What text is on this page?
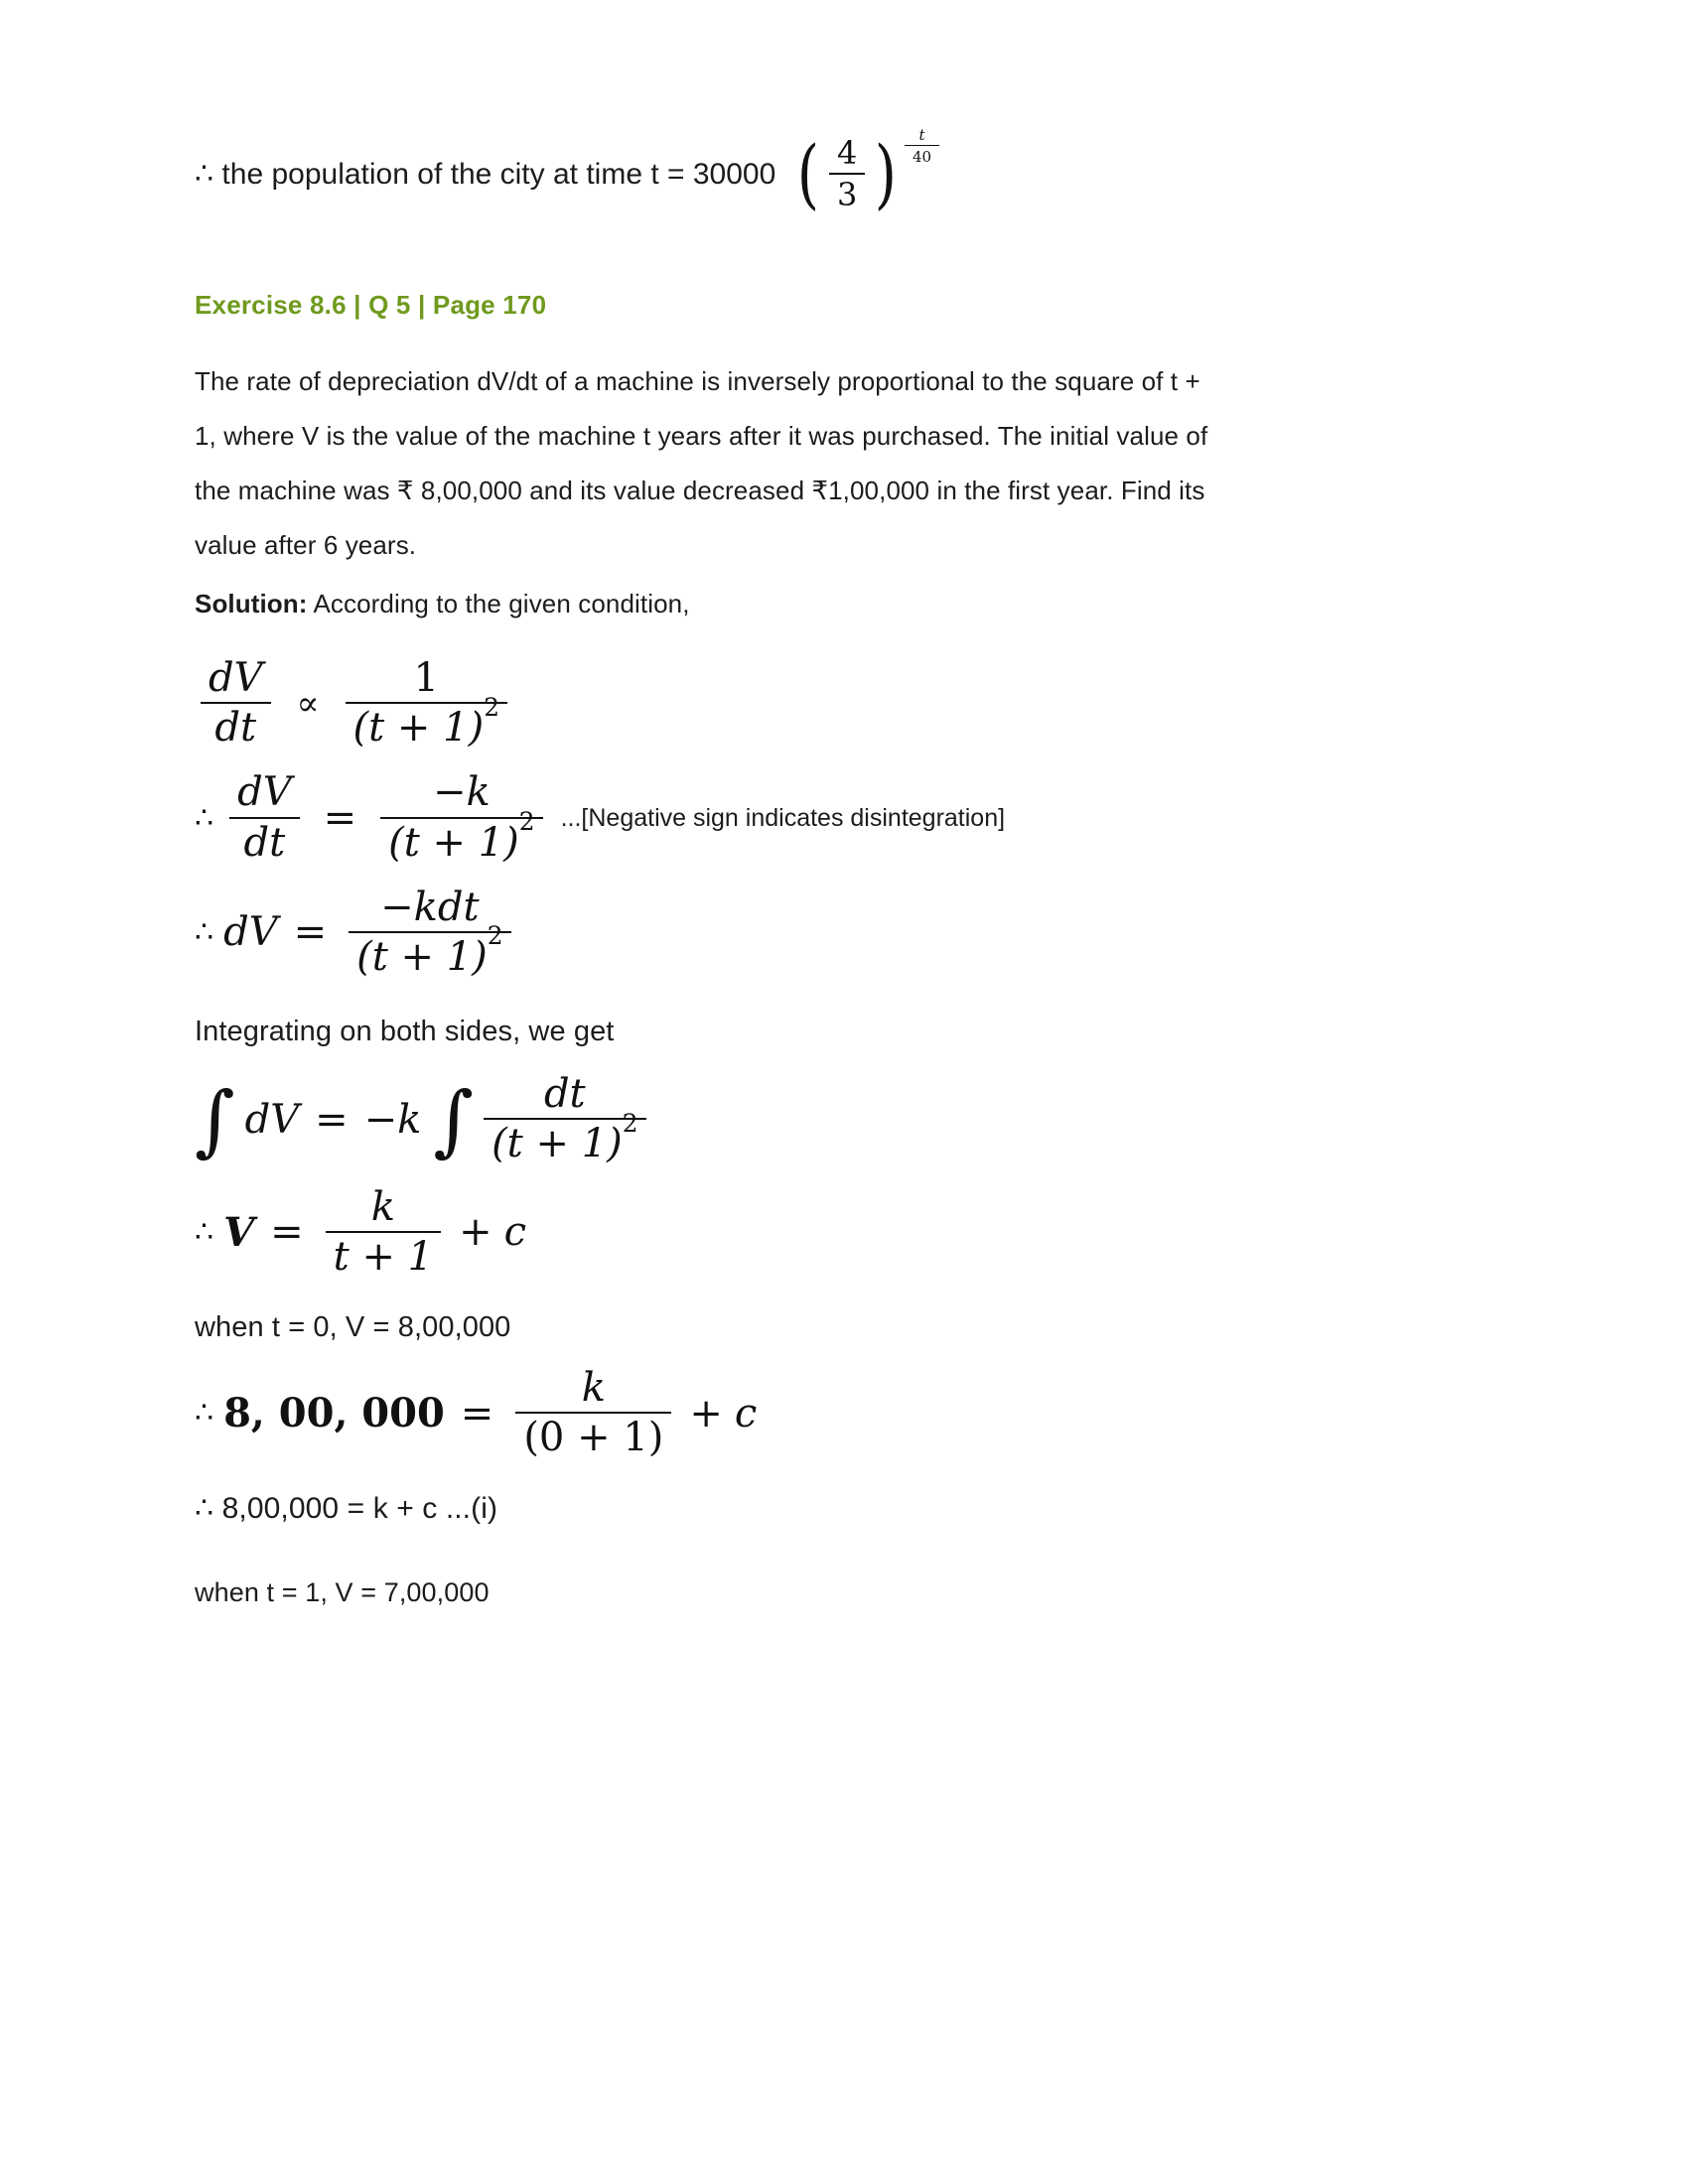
∴ the population of the city at time t = 30000 ( $\frac{4}{3}$ ) $\frac{t}{40}$
Exercise 8.6 | Q 5 | Page 170
The rate of depreciation dV/dt of a machine is inversely proportional to the square of t +
1, where V is the value of the machine t years after it was purchased. The initial value of
the machine was ₹ 8,00,000 and its value decreased ₹1,00,000 in the first year. Find its
value after 6 years.
Solution: According to the given condition,
$\frac{dV}{dt} \propto \frac{1}{(t + 1)^2}$
∴ $\frac{dV}{dt} = \frac{-k}{(t + 1)^2}$ ...[Negative sign indicates disintegration]
∴ dV = $\frac{\text{−kdt}}{(t + 1)^2}$
Integrating on both sides, we get
∫ dV = −k ∫ $\frac{dt}{(t + 1)^2}$
∴ $V = \frac{k}{t + 1} + c$
when t = 0, V = 8,00,000
∴ 8, 00, $000 = \frac{k}{(0 + 1)} + c$
∴ 8,00,000 = k + c ...(i)
when t = 1, V = 7,00,000
